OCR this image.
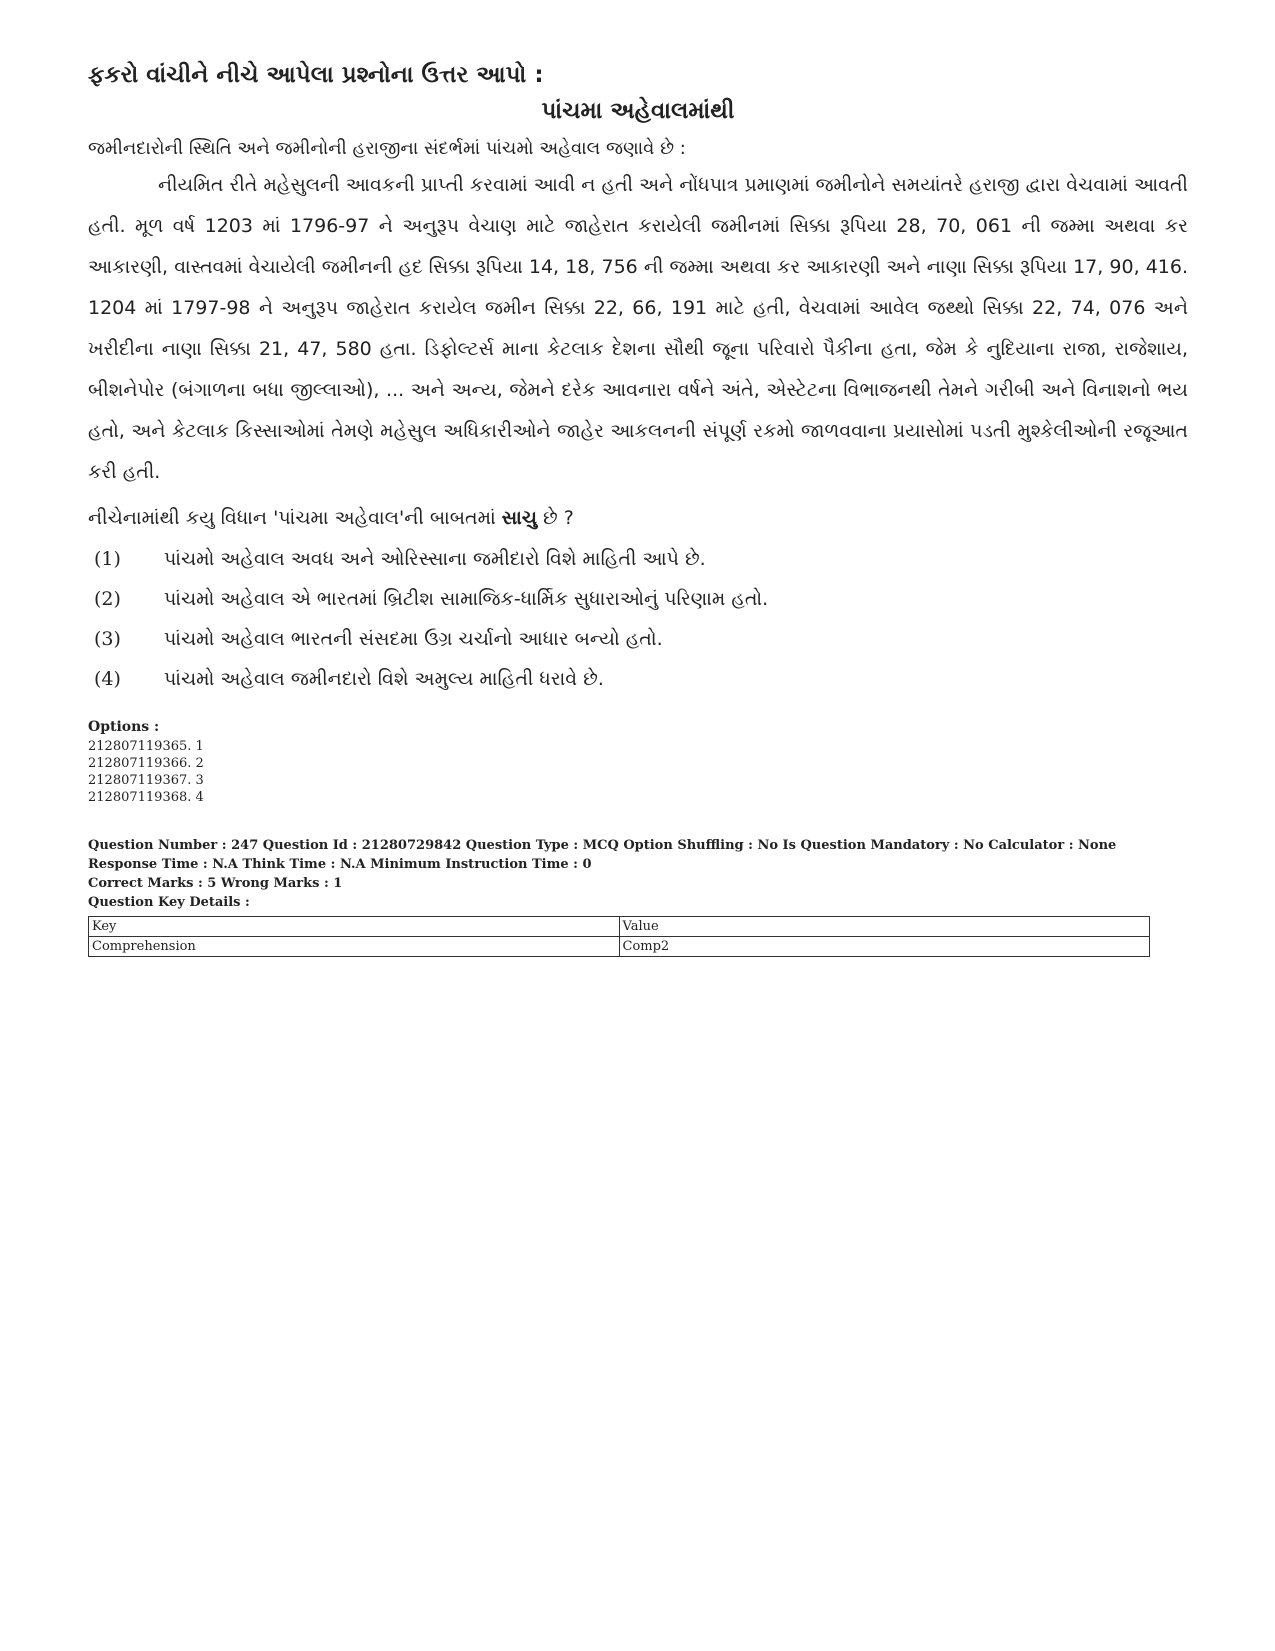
ફકરો વાંચીને નીચે આપેલા પ્રશ્નોના ઉત્તર આપો :
પાંચમા અહેવાલમાંથી
જમીનદારોની સ્થિતિ અને જમીનોની હરાજીના સંદર્ભમાં પાંચમો અહેવાલ જણાવે છે :
નીયમિત રીતે મહેસુલની આવકની પ્રાપ્તી કરવામાં આવી ન હતી અને નોંધપાત્ર પ્રમાણમાં જમીનોને સમયાંતરે હરાજી દ્વારા વેચવામાં આવતી હતી. મૂળ વર્ષ 1203 માં 1796-97 ને અનુરૂપ વેચાણ માટે જાહેરાત કરાયેલી જમીનમાં સિક્કા રૂપિયા 28, 70, 061 ની જમ્મા અથવા કર આકારણી, વાસ્તવમાં વેચાયેલી જમીનની હદ સિક્કા રૂપિયા 14, 18, 756 ની જમ્મા અથવા કર આકારણી અને નાણા સિક્કા રૂપિયા 17, 90, 416. 1204 માં 1797-98 ને અનુરૂપ જાહેરાત કરાયેલ જમીન સિક્કા 22, 66, 191 માટે હતી, વેચવામાં આવેલ જથ્થો સિક્કા 22, 74, 076 અને ખરીદીના નાણા સિક્કા 21, 47, 580 હતા. ડિફોલ્ટર્સ માના કેટલાક દેશના સૌથી જૂના પરિવારો પૈકીના હતા, જેમ કે નુદિયાના રાજા, રાજેશાય, બીશનેપોર (બંગાળના બધા જીલ્લાઓ), ... અને અન્ય, જેમને દરેક આવનારા વર્ષને અંતે, એસ્ટેટના વિભાજનથી તેમને ગરીબી અને વિનાશનો ભય હતો, અને કેટલાક કિસ્સાઓમાં તેમણે મહેસુલ અધિકારીઓને જાહેર આકલનની સંપૂર્ણ રકમો જાળવવાના પ્રયાસોમાં પડતી મુશ્કેલીઓની રજૂઆત કરી હતી.
નીચેનામાંથી કયુ વિધાન 'પાંચમા અહેવાલ'ની બાબતમાં સાચુ છે ?
(1)	પાંચમો અહેવાલ અવધ અને ઓરિસ્સાના જમીદારો વિશે માહિતી આપે છે.
(2)	પાંચમો અહેવાલ એ ભારતમાં બ્રિટીશ સામાજિક-ધાર્મિક સુધારાઓનું પરિણામ હતો.
(3)	પાંચમો અહેવાલ ભારતની સંસદમા ઉગ્ર ચર્ચાનો આધાર બન્યો હતો.
(4)	પાંચમો અહેવાલ જમીનદારો વિશે અમુલ્ય માહિતી ધરાવે છે.
Options :
212807119365. 1
212807119366. 2
212807119367. 3
212807119368. 4
Question Number : 247 Question Id : 21280729842 Question Type : MCQ Option Shuffling : No Is Question Mandatory : No Calculator : None
Response Time : N.A Think Time : N.A Minimum Instruction Time : 0
Correct Marks : 5 Wrong Marks : 1
Question Key Details :
Key	Value
Comprehension	Comp2
